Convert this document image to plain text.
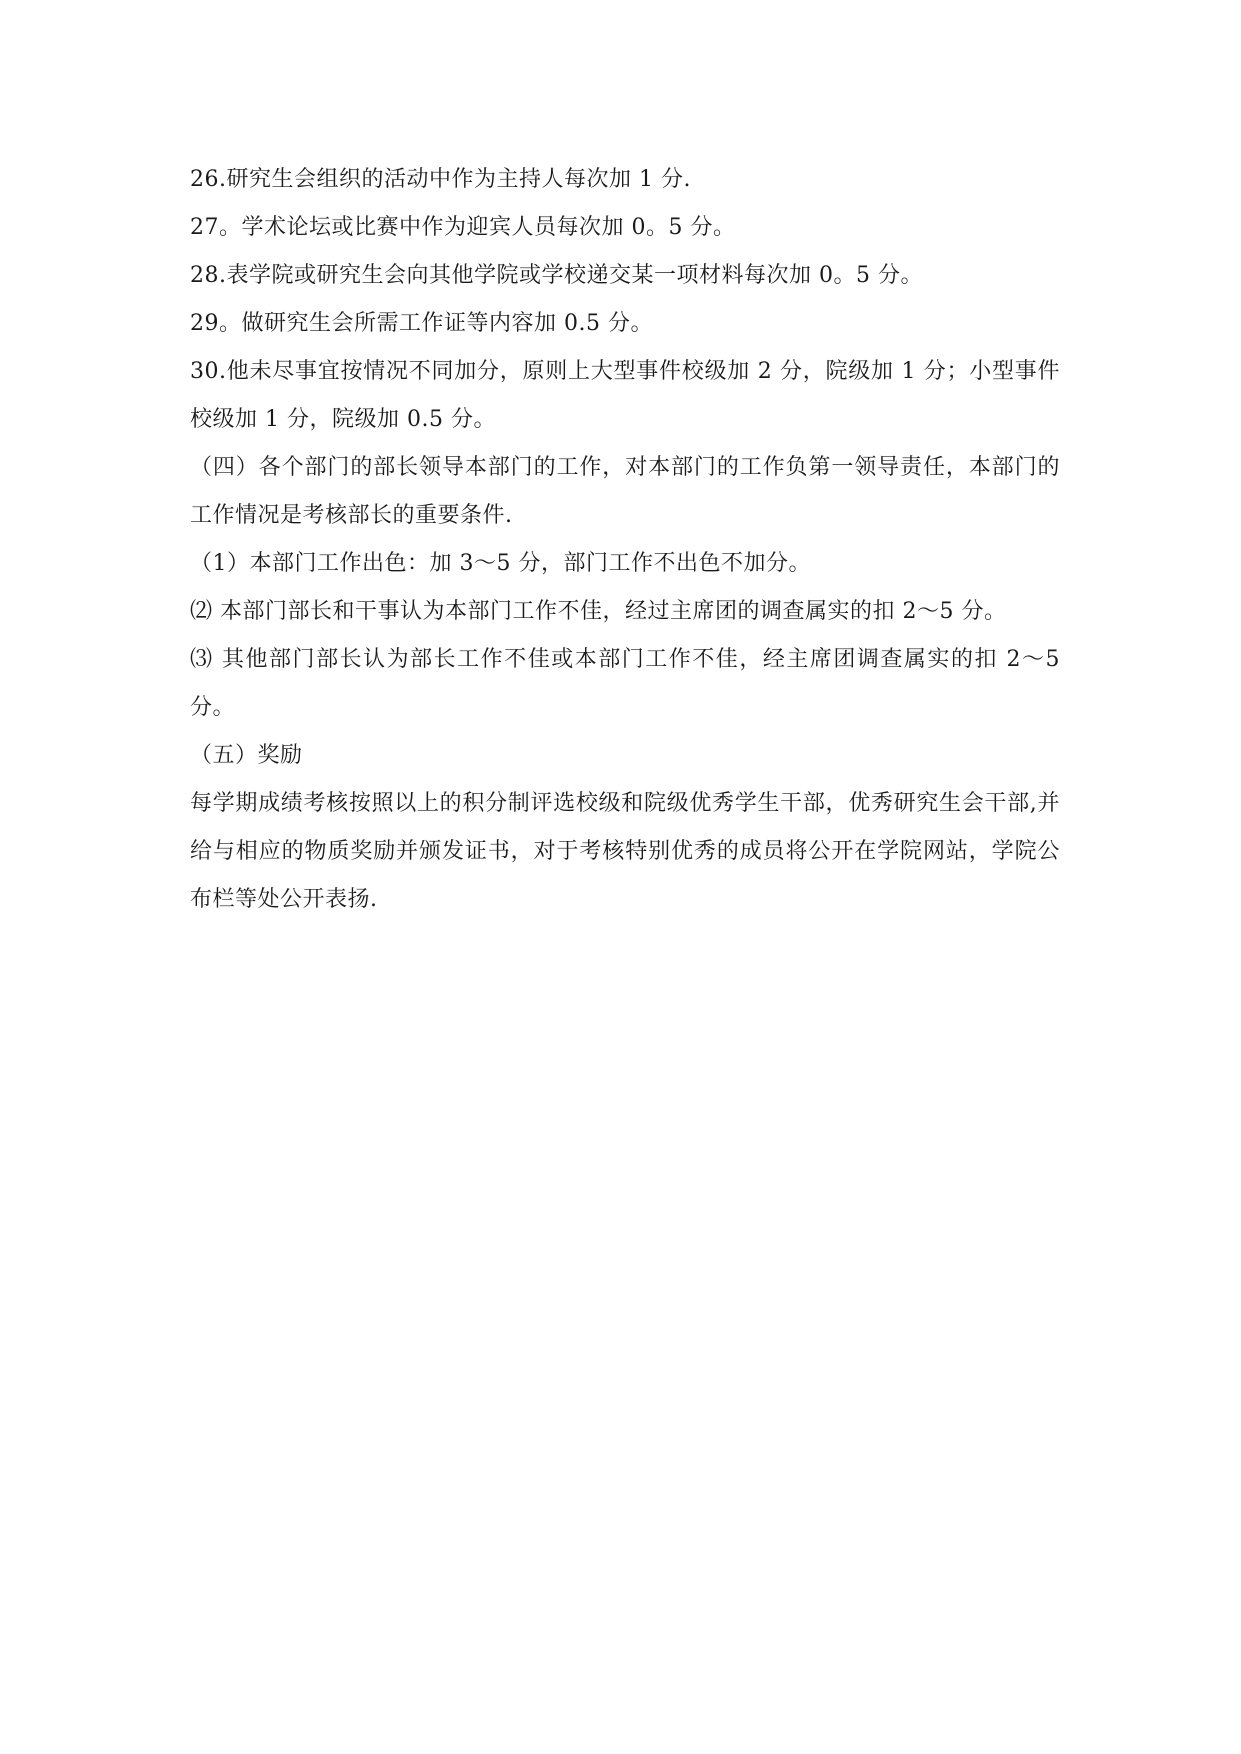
26.研究生会组织的活动中作为主持人每次加 1 分.

27。学术论坛或比赛中作为迎宾人员每次加 0。5 分。

28.表学院或研究生会向其他学院或学校递交某一项材料每次加 0。5 分。

29。做研究生会所需工作证等内容加 0.5 分。

30.他未尽事宜按情况不同加分，原则上大型事件校级加 2 分，院级加 1 分；小型事件校级加 1 分，院级加 0.5 分。

（四）各个部门的部长领导本部门的工作，对本部门的工作负第一领导责任，本部门的工作情况是考核部长的重要条件.

（1）本部门工作出色：加 3～5 分，部门工作不出色不加分。

⑵ 本部门部长和干事认为本部门工作不佳，经过主席团的调查属实的扣 2～5 分。

⑶ 其他部门部长认为部长工作不佳或本部门工作不佳，经主席团调查属实的扣 2～5 分。

（五）奖励

每学期成绩考核按照以上的积分制评选校级和院级优秀学生干部，优秀研究生会干部,并给与相应的物质奖励并颁发证书，对于考核特别优秀的成员将公开在学院网站，学院公布栏等处公开表扬.
